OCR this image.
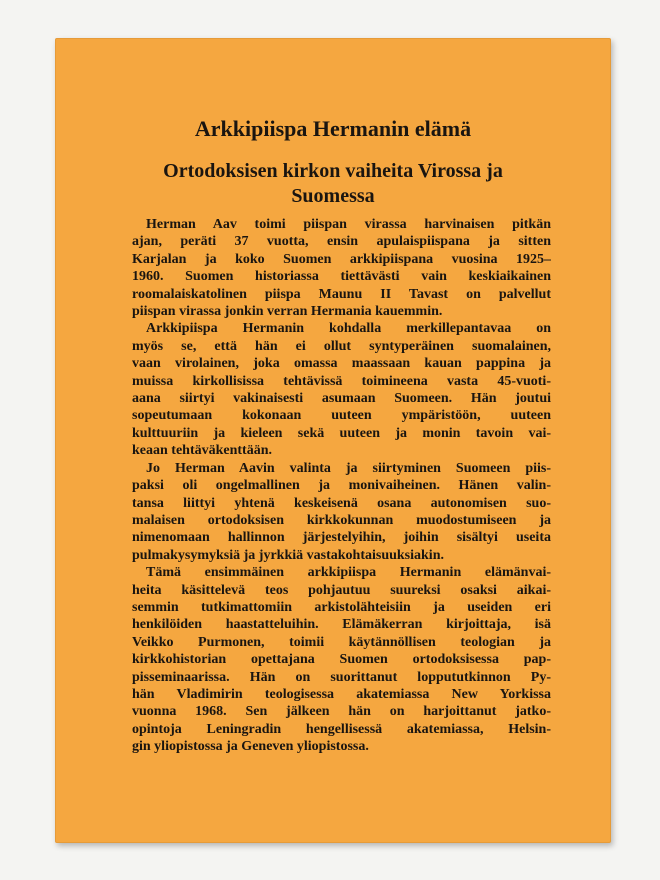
Arkkipiispa Hermanin elämä
Ortodoksisen kirkon vaiheita Virossa ja
Suomessa

Herman Aav toimi piispan virassa harvinaisen pitkän
ajan, peräti 37 vuotta, ensin apulaispiispana ja sitten
Karjalan ja koko Suomen arkkipiispana vuosina 1925–
1960. Suomen historiassa tiettävästi vain keskiaikainen
roomalaiskatolinen piispa Maunu II Tavast on palvellut
piispan virassa jonkin verran Hermania kauemmin.

Arkkipiispa Hermanin kohdalla merkillepantavaa on
myös se, että hän ei ollut syntyperäinen suomalainen,
vaan virolainen, joka omassa maassaan kauan pappina ja
muissa kirkollisissa tehtävissä toimineena vasta 45-vuoti-
aana siirtyi vakinaisesti asumaan Suomeen. Hän joutui
sopeutumaan kokonaan uuteen ympäristöön, uuteen
kulttuuriin ja kieleen sekä uuteen ja monin tavoin vai-
keaan tehtäväkenttään.

Jo Herman Aavin valinta ja siirtyminen Suomeen piis-
paksi oli ongelmallinen ja monivaiheinen. Hänen valin-
tansa liittyi yhtenä keskeisenä osana autonomisen suo-
malaisen ortodoksisen kirkkokunnan muodostumiseen ja
nimenomaan hallinnon järjestelyihin, joihin sisältyi useita
pulmakysymyksiä ja jyrkkiä vastakohtaisuuksiakin.

Tämä ensimmäinen arkkipiispa Hermanin elämänvai-
heita käsittelevä teos pohjautuu suureksi osaksi aikai-
semmin tutkimattomiin arkistolähteisiin ja useiden eri
henkilöiden haastatteluihin. Elämäkerran kirjoittaja, isä
Veikko Purmonen, toimii käytännöllisen teologian ja
kirkkohistorian opettajana Suomen ortodoksisessa pap-
pisseminaarissa. Hän on suorittanut loppututkinnon Py-
hän Vladimirin teologisessa akatemiassa New Yorkissa
vuonna 1968. Sen jälkeen hän on harjoittanut jatko-
opintoja Leningradin hengellisessä akatemiassa, Helsin-
gin yliopistossa ja Geneven yliopistossa.
